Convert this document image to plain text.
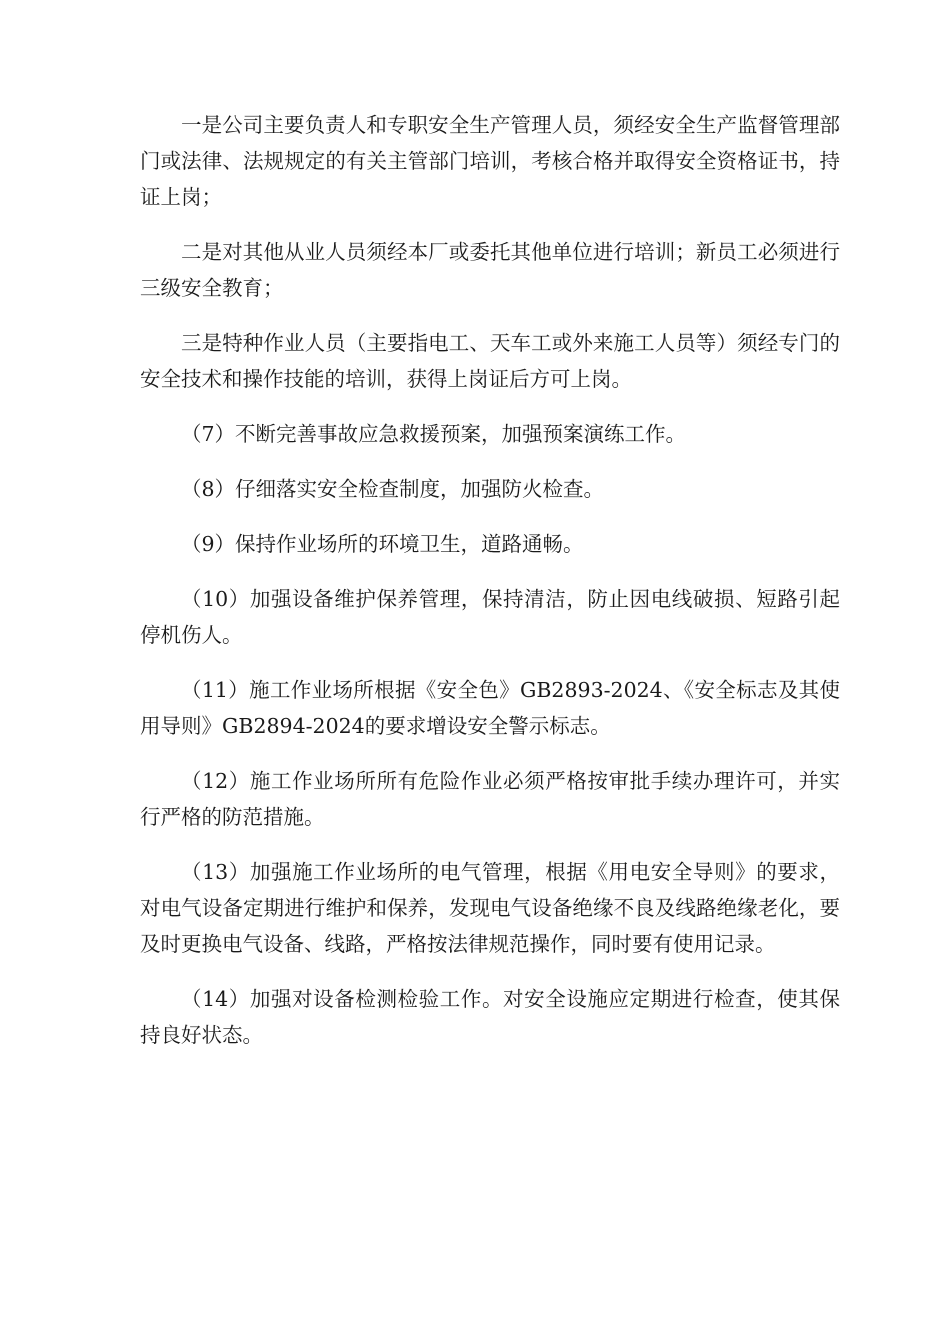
一是公司主要负责人和专职安全生产管理人员，须经安全生产监督管理部门或法律、法规规定的有关主管部门培训，考核合格并取得安全资格证书，持证上岗；

二是对其他从业人员须经本厂或委托其他单位进行培训；新员工必须进行三级安全教育；

三是特种作业人员（主要指电工、天车工或外来施工人员等）须经专门的安全技术和操作技能的培训，获得上岗证后方可上岗。

（7）不断完善事故应急救援预案，加强预案演练工作。

（8）仔细落实安全检查制度，加强防火检查。

（9）保持作业场所的环境卫生，道路通畅。

（10）加强设备维护保养管理，保持清洁，防止因电线破损、短路引起停机伤人。

（11）施工作业场所根据《安全色》GB2893-2024、《安全标志及其使用导则》GB2894-2024的要求增设安全警示标志。

（12）施工作业场所所有危险作业必须严格按审批手续办理许可，并实行严格的防范措施。

（13）加强施工作业场所的电气管理，根据《用电安全导则》的要求，对电气设备定期进行维护和保养，发现电气设备绝缘不良及线路绝缘老化，要及时更换电气设备、线路，严格按法律规范操作，同时要有使用记录。

（14）加强对设备检测检验工作。对安全设施应定期进行检查，使其保持良好状态。
